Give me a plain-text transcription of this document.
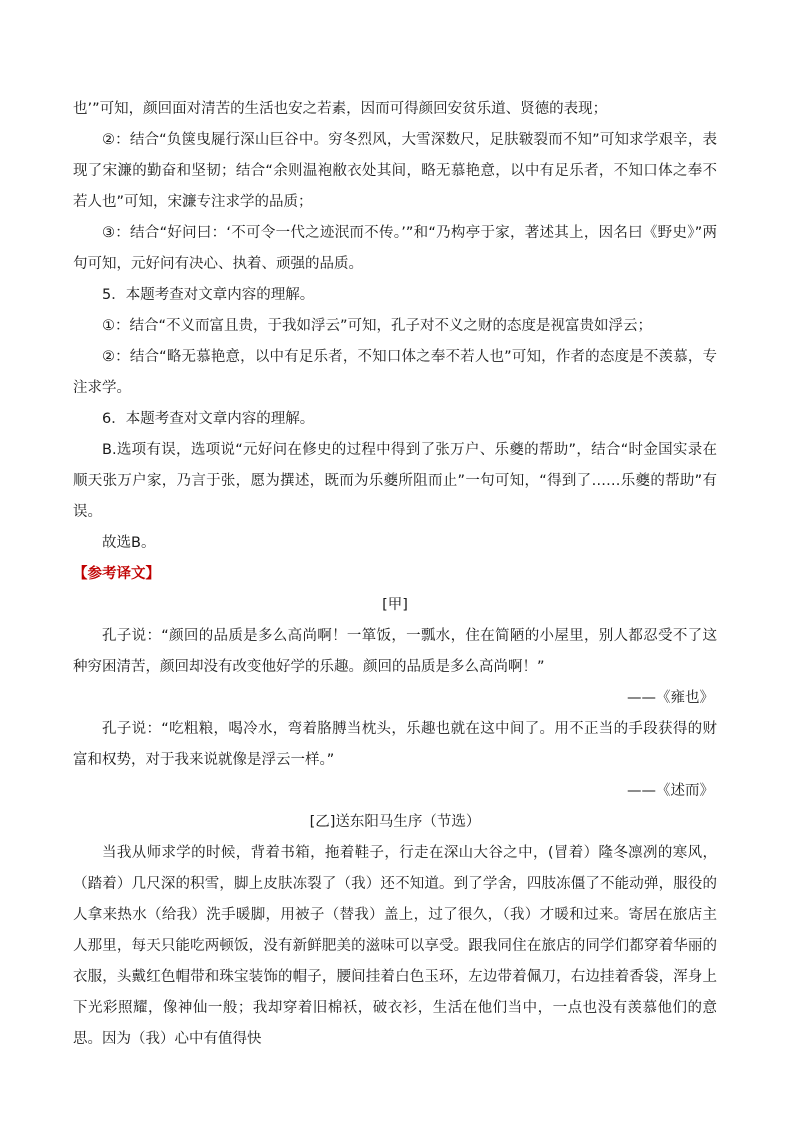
也’”可知，颜回面对清苦的生活也安之若素，因而可得颜回安贫乐道、贤德的表现；

②：结合“负箧曳屣行深山巨谷中。穷冬烈风，大雪深数尺，足肤皲裂而不知”可知求学艰辛，表现了宋濂的勤奋和坚韧；结合“余则温袍敝衣处其间，略无慕艳意，以中有足乐者，不知口体之奉不若人也”可知，宋濂专注求学的品质；

③：结合“好问曰：‘不可令一代之迹泯而不传。’”和“乃构亭于家，著述其上，因名曰《野史》”两句可知，元好问有决心、执着、顽强的品质。

5．本题考查对文章内容的理解。

①：结合“不义而富且贵，于我如浮云”可知，孔子对不义之财的态度是视富贵如浮云；

②：结合“略无慕艳意，以中有足乐者，不知口体之奉不若人也”可知，作者的态度是不羡慕，专注求学。

6．本题考查对文章内容的理解。

B.选项有误，选项说“元好问在修史的过程中得到了张万户、乐夔的帮助”，结合“时金国实录在顺天张万户家，乃言于张，愿为撰述，既而为乐夔所阻而止”一句可知，“得到了……乐夔的帮助”有误。

故选B。

【参考译文】

[甲]

孔子说：“颜回的品质是多么高尚啊！一箪饭，一瓢水，住在简陋的小屋里，别人都忍受不了这种穷困清苦，颜回却没有改变他好学的乐趣。颜回的品质是多么高尚啊！”

——《雍也》

孔子说：“吃粗粮，喝冷水，弯着胳膊当枕头，乐趣也就在这中间了。用不正当的手段获得的财富和权势，对于我来说就像是浮云一样。”

——《述而》

[乙]送东阳马生序（节选）

当我从师求学的时候，背着书箱，拖着鞋子，行走在深山大谷之中，(冒着）隆冬凛冽的寒风，（踏着）几尺深的积雪，脚上皮肤冻裂了（我）还不知道。到了学舍，四肢冻僵了不能动弹，服役的人拿来热水（给我）洗手暖脚，用被子（替我）盖上，过了很久，（我）才暖和过来。寄居在旅店主人那里，每天只能吃两顿饭，没有新鲜肥美的滋味可以享受。跟我同住在旅店的同学们都穿着华丽的衣服，头戴红色帽带和珠宝装饰的帽子，腰间挂着白色玉环，左边带着佩刀，右边挂着香袋，浑身上下光彩照耀，像神仙一般；我却穿着旧棉袄，破衣衫，生活在他们当中，一点也没有羡慕他们的意思。因为（我）心中有值得快
